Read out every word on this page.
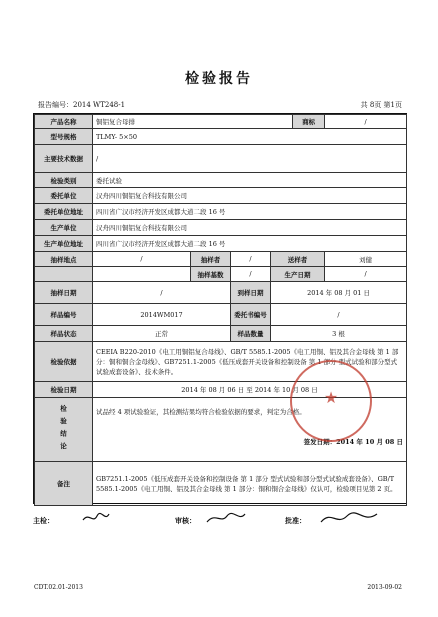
检验报告
报告编号：2014 WT248-1	共 8页 第1页
产品名称	铜铝复合母排				商标	/
型号规格	TLMY- 5×50					
主要技术数据	/					
检验类别	委托试验					
委托单位	汉舟四川铜铝复合科技有限公司					
委托单位地址	四川省广汉市经济开发区成都大道二段 16 号					
生产单位	汉舟四川铜铝复合科技有限公司					
生产单位地址	四川省广汉市经济开发区成都大道二段 16 号					
抽样地点	/	抽样者	/	送样者		刘健
		抽样基数	/	生产日期		/
抽样日期	/		到样日期	2014 年 08 月 01 日		
样品编号	2014WM017		委托书编号	/		
样品状态	正常		样品数量	3 根		
检验依据	CEEIA B220-2010《电工用铜铝复合母线》、GB/T 5585.1-2005《电工用铜、铝及其合金母线 第 1 部分：铜和铜合金母线》、GB7251.1-2005《低压成套开关设备和控制设备 第 1 部分 型式试验和部分型式试验成套设备》、技术条件。					
检验日期	2014 年 08 月 06 日 至 2014 年 10 月 08 日					

检验结论	试品经 4 项试验验证，其检测结果均符合检验依据的要求，判定为合格。
签发日期：2014 年 10 月 08 日					

备注	GB7251.1-2005《低压成套开关设备和控制设备 第 1 部分 型式试验和部分型式试验成套设备》、GB/T 5585.1-2005《电工用铜、铝及其合金母线 第 1 部分：铜和铜合金母线》仅认可，检验项目见第 2 页。					
★
主检：	审核：	批准：
CDT.02.01-2013	2013-09-02
